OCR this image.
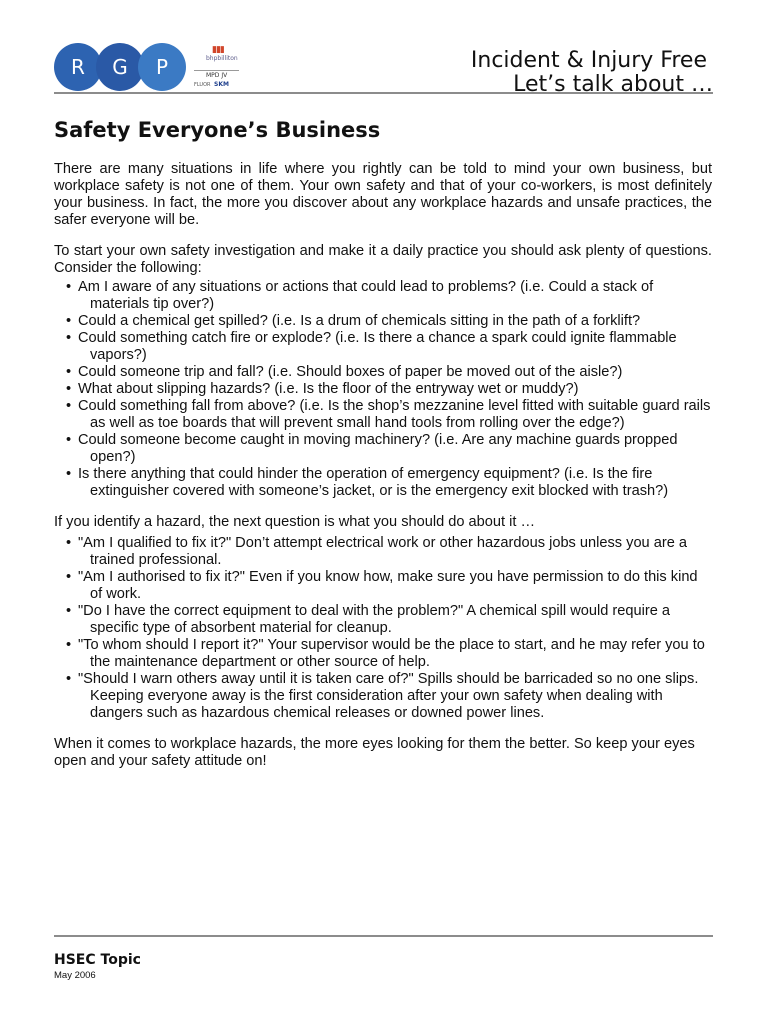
R	G	P
▮▮▮
bhpbilliton
MPD JV
FLUOR SKM
Incident & Injury Free
Let’s talk about …
Safety Everyone’s Business

There are many situations in life where you rightly can be told to mind your own business, but workplace safety is not one of them. Your own safety and that of your co-workers, is most definitely your business. In fact, the more you discover about any workplace hazards and unsafe practices, the safer everyone will be.

To start your own safety investigation and make it a daily practice you should ask plenty of questions. Consider the following:

• Am I aware of any situations or actions that could lead to problems? (i.e. Could a stack of materials tip over?)
• Could a chemical get spilled? (i.e. Is a drum of chemicals sitting in the path of a forklift?
• Could something catch fire or explode? (i.e. Is there a chance a spark could ignite flammable vapors?)
• Could someone trip and fall? (i.e. Should boxes of paper be moved out of the aisle?)
• What about slipping hazards? (i.e. Is the floor of the entryway wet or muddy?)
• Could something fall from above? (i.e. Is the shop’s mezzanine level fitted with suitable guard rails as well as toe boards that will prevent small hand tools from rolling over the edge?)
• Could someone become caught in moving machinery? (i.e. Are any machine guards propped open?)
• Is there anything that could hinder the operation of emergency equipment? (i.e. Is the fire extinguisher covered with someone’s jacket, or is the emergency exit blocked with trash?)

If you identify a hazard, the next question is what you should do about it …

• "Am I qualified to fix it?" Don’t attempt electrical work or other hazardous jobs unless you are a trained professional.
• "Am I authorised to fix it?" Even if you know how, make sure you have permission to do this kind of work.
• "Do I have the correct equipment to deal with the problem?" A chemical spill would require a specific type of absorbent material for cleanup.
• "To whom should I report it?" Your supervisor would be the place to start, and he may refer you to the maintenance department or other source of help.
• "Should I warn others away until it is taken care of?" Spills should be barricaded so no one slips. Keeping everyone away is the first consideration after your own safety when dealing with dangers such as hazardous chemical releases or downed power lines.

When it comes to workplace hazards, the more eyes looking for them the better. So keep your eyes open and your safety attitude on!

HSEC Topic
May 2006
